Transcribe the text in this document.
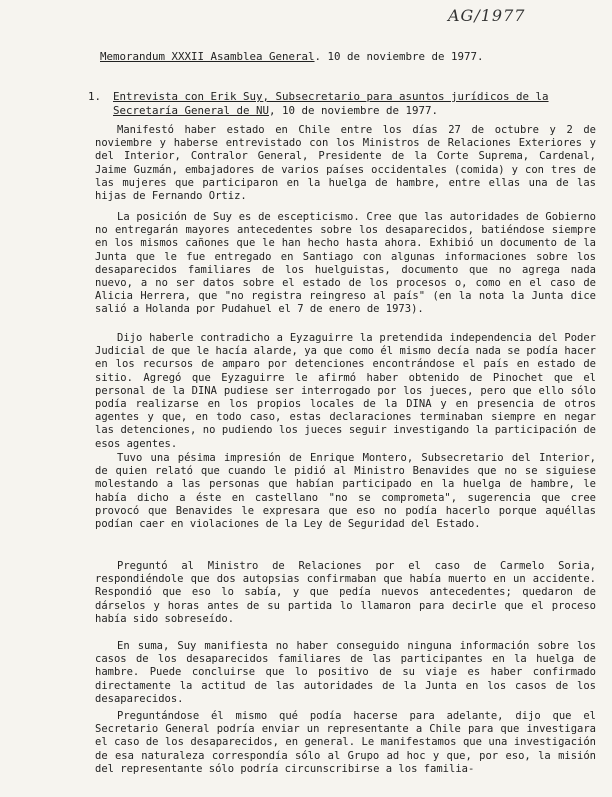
AG/1977
Memorandum XXXII Asamblea General. 10 de noviembre de 1977.
1. Entrevista con Erik Suy, Subsecretario para asuntos jurídicos de la Secretaría General de NU, 10 de noviembre de 1977.
Manifestó haber estado en Chile entre los días 27 de octubre y 2 de noviembre y haberse entrevistado con los Ministros de Relaciones Exteriores y del Interior, Contralor General, Presidente de la Corte Suprema, Cardenal, Jaime Guzmán, embajadores de varios países occidentales (comida) y con tres de las mujeres que participaron en la huelga de hambre, entre ellas una de las hijas de Fernando Ortiz.
La posición de Suy es de escepticismo. Cree que las autoridades de Gobierno no entregarán mayores antecedentes sobre los desaparecidos, batiéndose siempre en los mismos cañones que le han hecho hasta ahora. Exhibió un documento de la Junta que le fue entregado en Santiago con algunas informaciones sobre los desaparecidos familiares de los huelguistas, documento que no agrega nada nuevo, a no ser datos sobre el estado de los procesos o, como en el caso de Alicia Herrera, que "no registra reingreso al país" (en la nota la Junta dice salió a Holanda por Pudahuel el 7 de enero de 1973).
Dijo haberle contradicho a Eyzaguirre la pretendida independencia del Poder Judicial de que le hacía alarde, ya que como él mismo decía nada se podía hacer en los recursos de amparo por detenciones encontrándose el país en estado de sitio. Agregó que Eyzaguirre le afirmó haber obtenido de Pinochet que el personal de la DINA pudiese ser interrogado por los jueces, pero que ello sólo podía realizarse en los propios locales de la DINA y en presencia de otros agentes y que, en todo caso, estas declaraciones terminaban siempre en negar las detenciones, no pudiendo los jueces seguir investigando la participación de esos agentes.
Tuvo una pésima impresión de Enrique Montero, Subsecretario del Interior, de quien relató que cuando le pidió al Ministro Benavides que no se siguiese molestando a las personas que habían participado en la huelga de hambre, le había dicho a éste en castellano "no se comprometa", sugerencia que cree provocó que Benavides le expresara que eso no podía hacerlo porque aquéllas podían caer en violaciones de la Ley de Seguridad del Estado.
Preguntó al Ministro de Relaciones por el caso de Carmelo Soria, respondiéndole que dos autopsias confirmaban que había muerto en un accidente. Respondió que eso lo sabía, y que pedía nuevos antecedentes; quedaron de dárselos y horas antes de su partida lo llamaron para decirle que el proceso había sido sobreseído.
En suma, Suy manifiesta no haber conseguido ninguna información sobre los casos de los desaparecidos familiares de las participantes en la huelga de hambre. Puede concluirse que lo positivo de su viaje es haber confirmado directamente la actitud de las autoridades de la Junta en los casos de los desaparecidos.
Preguntándose él mismo qué podía hacerse para adelante, dijo que el Secretario General podría enviar un representante a Chile para que investigara el caso de los desaparecidos, en general. Le manifestamos que una investigación de esa naturaleza correspondía sólo al Grupo ad hoc y que, por eso, la misión del representante sólo podría circunscribirse a los familia-
